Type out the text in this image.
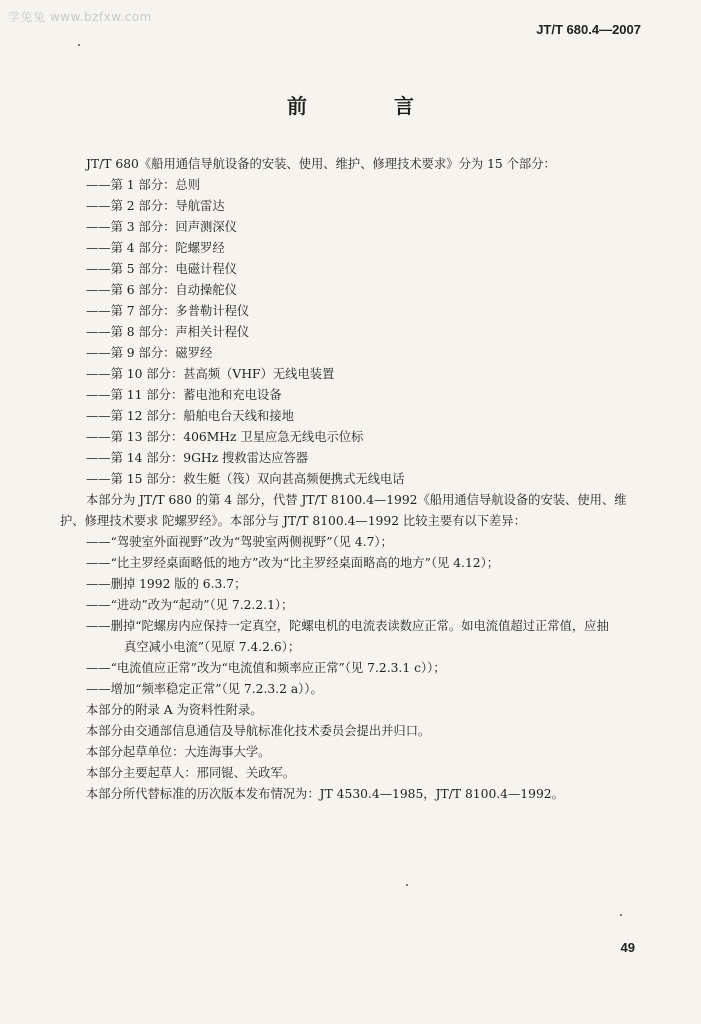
学兔兔 www.bzfxw.com
JT/T 680.4—2007
前 言

JT/T 680《船用通信导航设备的安装、使用、维护、修理技术要求》分为 15 个部分：

——第 1 部分：总则

——第 2 部分：导航雷达

——第 3 部分：回声测深仪

——第 4 部分：陀螺罗经

——第 5 部分：电磁计程仪

——第 6 部分：自动操舵仪

——第 7 部分：多普勒计程仪

——第 8 部分：声相关计程仪

——第 9 部分：磁罗经

——第 10 部分：甚高频（VHF）无线电装置

——第 11 部分：蓄电池和充电设备

——第 12 部分：船舶电台天线和接地

——第 13 部分：406MHz 卫星应急无线电示位标

——第 14 部分：9GHz 搜救雷达应答器

——第 15 部分：救生艇（筏）双向甚高频便携式无线电话

本部分为 JT/T 680 的第 4 部分，代替 JT/T 8100.4—1992《船用通信导航设备的安装、使用、维护、修理技术要求 陀螺罗经》。本部分与 JT/T 8100.4—1992 比较主要有以下差异：

——“驾驶室外面视野”改为“驾驶室两侧视野”（见 4.7）；

——“比主罗经桌面略低的地方”改为“比主罗经桌面略高的地方”（见 4.12）；

——删掉 1992 版的 6.3.7；

——“进动”改为“起动”（见 7.2.2.1）；

——删掉“陀螺房内应保持一定真空，陀螺电机的电流表读数应正常。如电流值超过正常值，应抽
真空减小电流”（见原 7.4.2.6）；

——“电流值应正常”改为“电流值和频率应正常”（见 7.2.3.1 c））；

——增加“频率稳定正常”（见 7.2.3.2 a））。

本部分的附录 A 为资料性附录。

本部分由交通部信息通信及导航标准化技术委员会提出并归口。

本部分起草单位：大连海事大学。

本部分主要起草人：邢同锟、关政军。

本部分所代替标准的历次版本发布情况为：JT 4530.4—1985，JT/T 8100.4—1992。

49
